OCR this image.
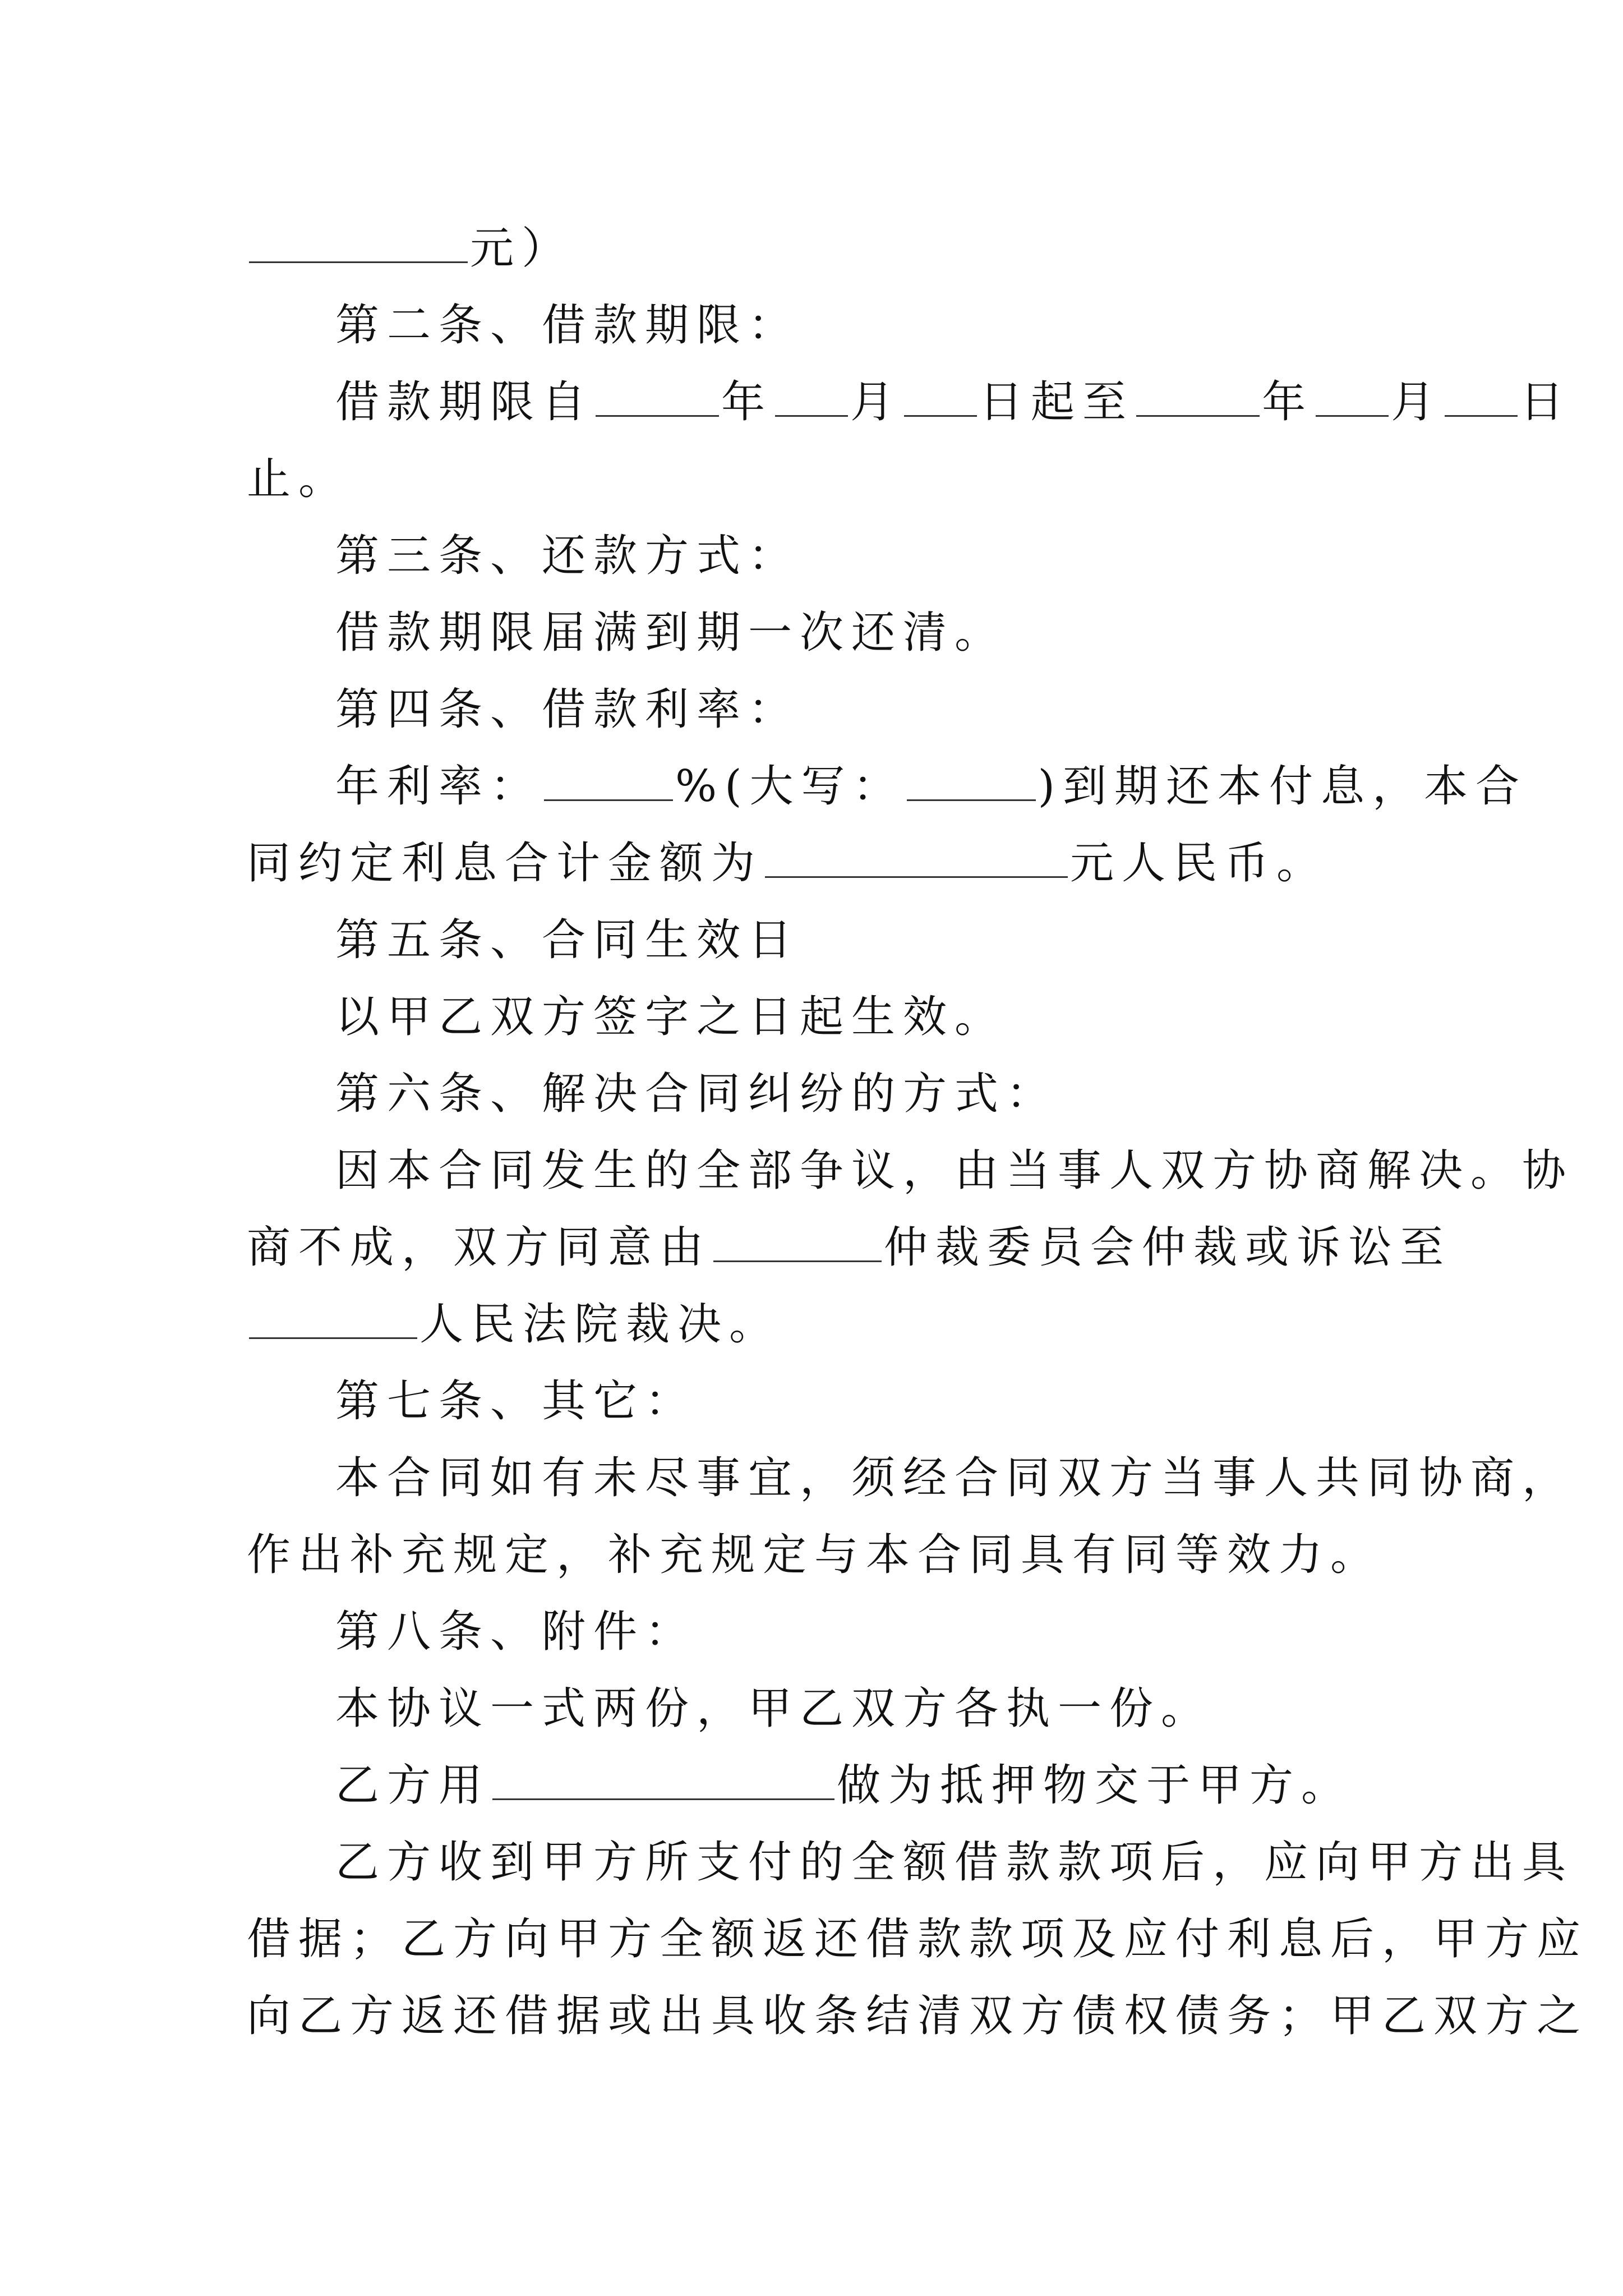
元）
第二条、借款期限：
借款期限自	年 月 日起至	年 月 日
止。
第三条、还款方式：
借款期限届满到期一次还清。
第四条、借款利率：
年利率：	%(大写：	)到期还本付息，本合
同约定利息合计金额为	元人民币。
第五条、合同生效日
以甲乙双方签字之日起生效。
第六条、解决合同纠纷的方式：
因本合同发生的全部争议，由当事人双方协商解决。协
商不成，双方同意由	仲裁委员会仲裁或诉讼至
人民法院裁决。
第七条、其它：
本合同如有未尽事宜，须经合同双方当事人共同协商，
作出补充规定，补充规定与本合同具有同等效力。
第八条、附件：
本协议一式两份，甲乙双方各执一份。
乙方用	做为抵押物交于甲方。
乙方收到甲方所支付的全额借款款项后，应向甲方出具
借据；乙方向甲方全额返还借款款项及应付利息后，甲方应
向乙方返还借据或出具收条结清双方债权债务；甲乙双方之
